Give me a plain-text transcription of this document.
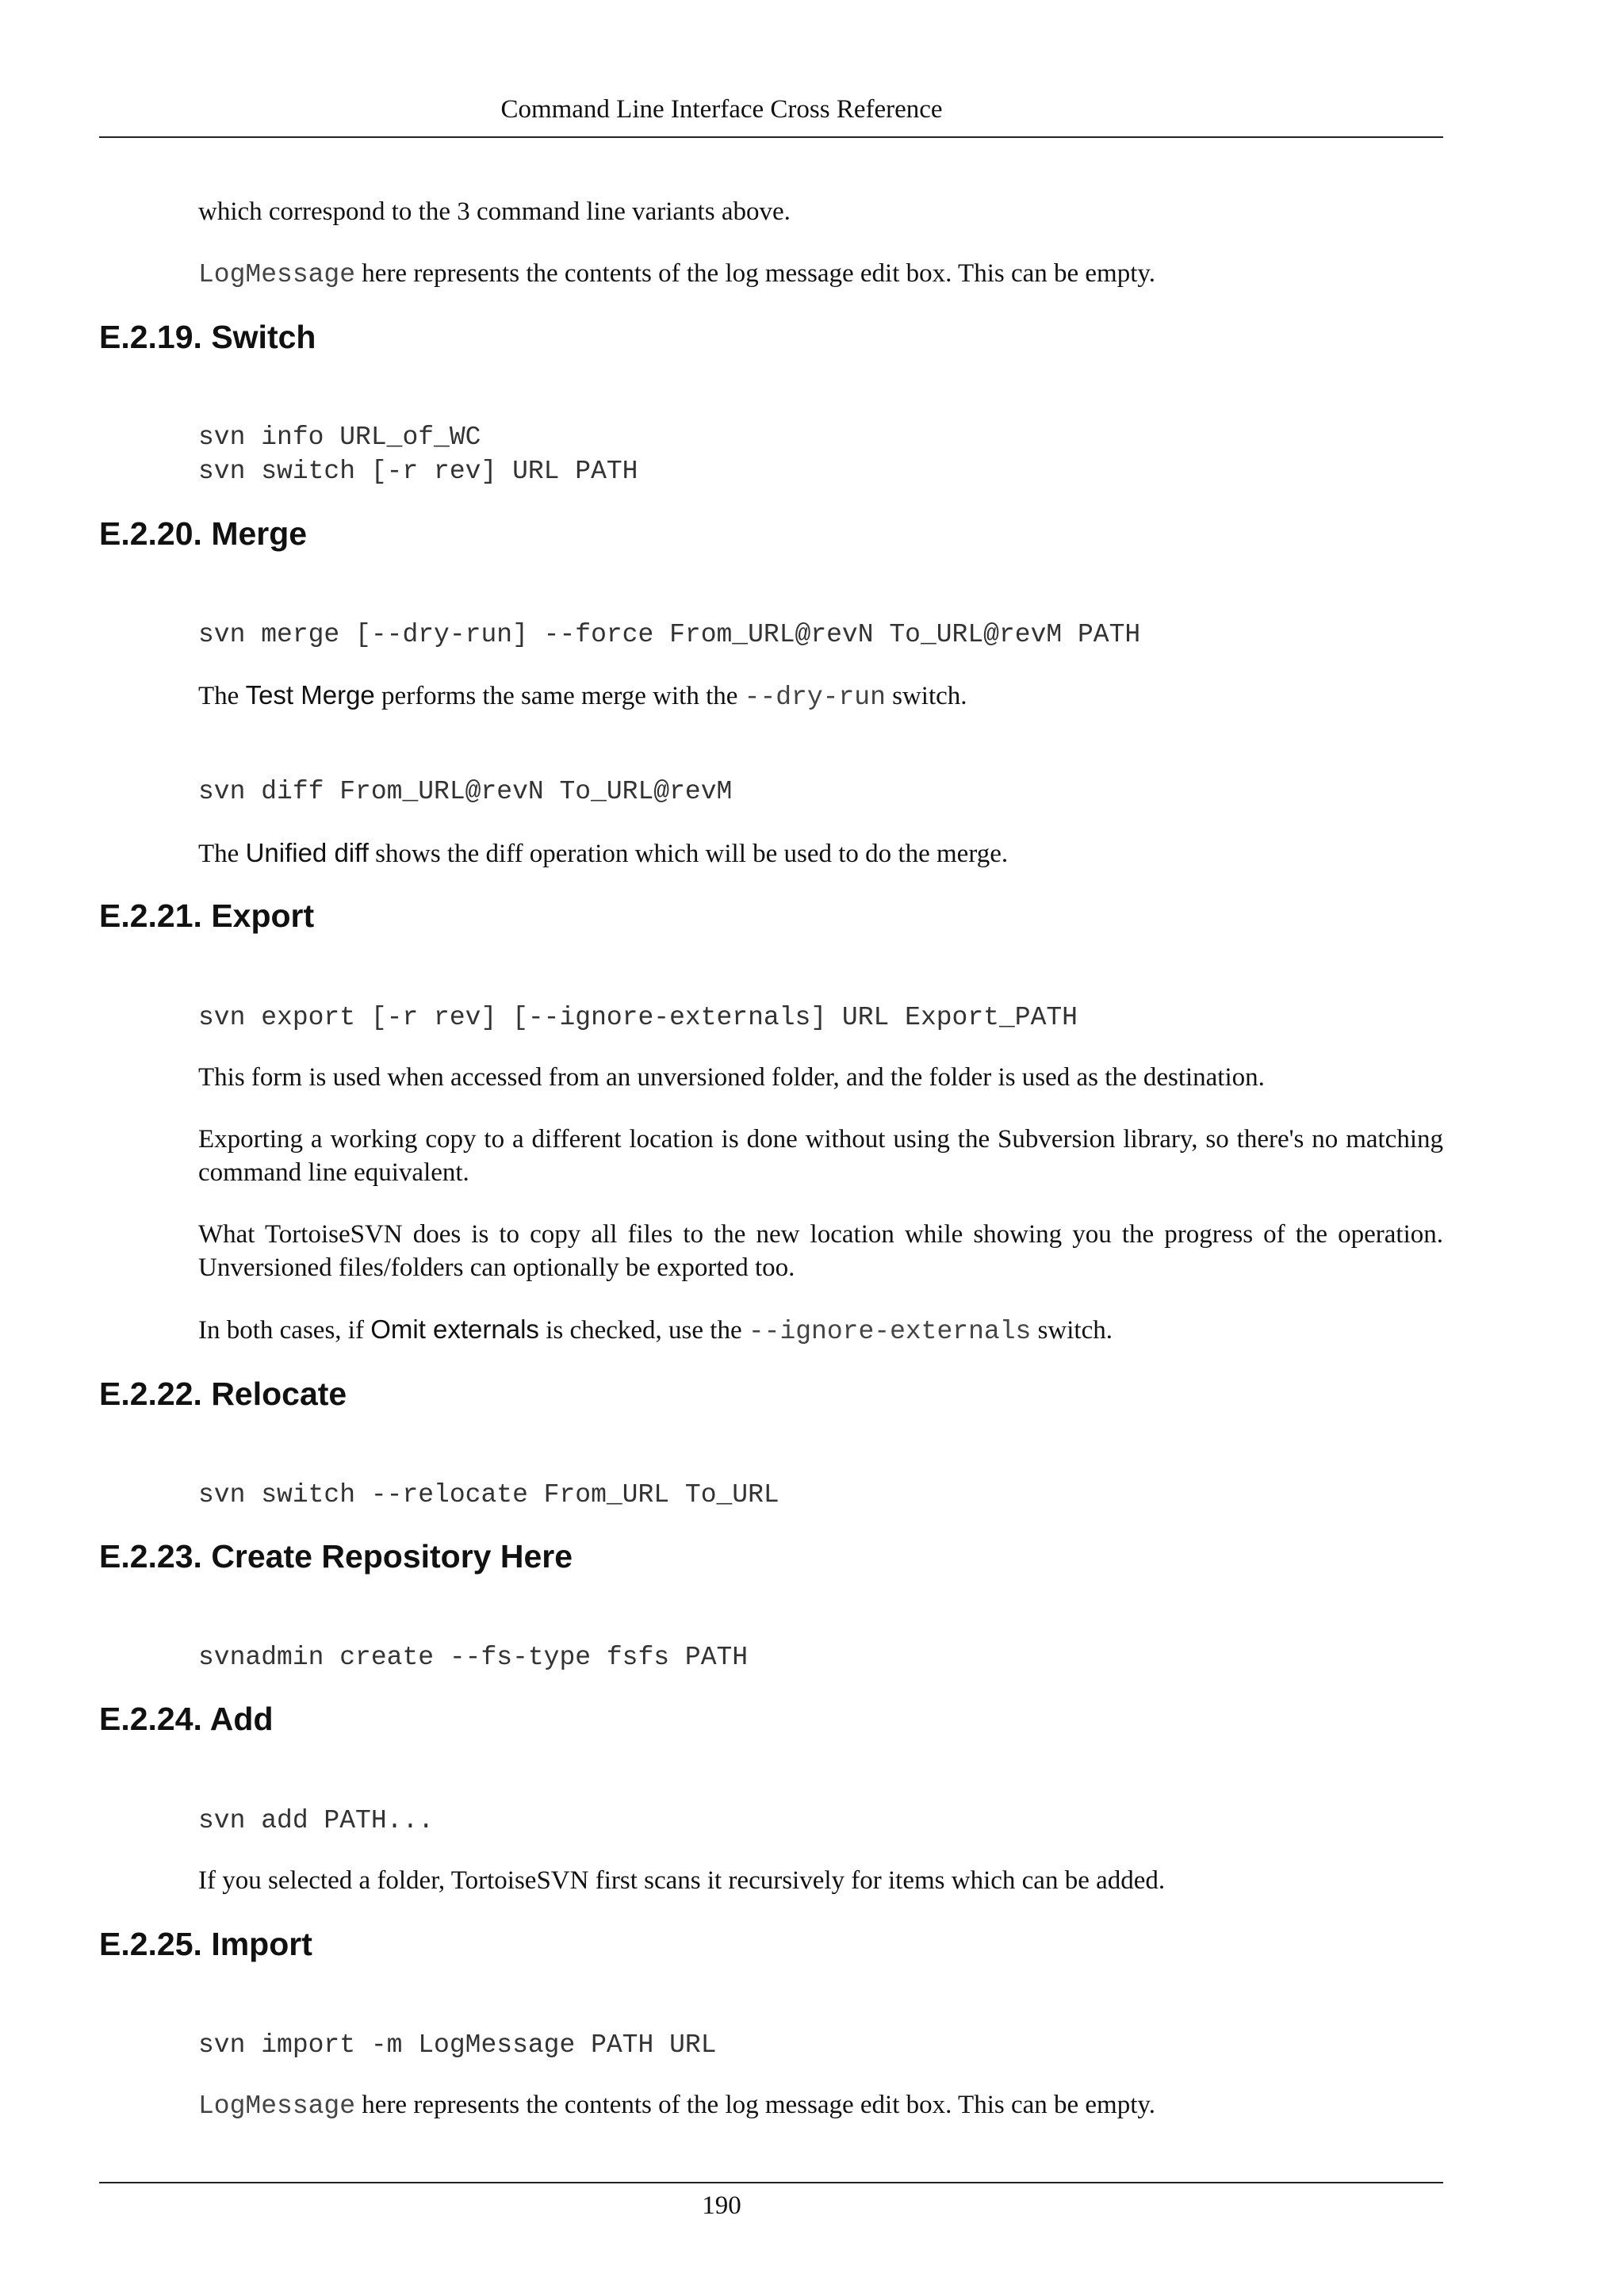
Command Line Interface Cross Reference
which correspond to the 3 command line variants above.
LogMessage here represents the contents of the log message edit box. This can be empty.
E.2.19. Switch
svn info URL_of_WC
svn switch [-r rev] URL PATH
E.2.20. Merge
svn merge [--dry-run] --force From_URL@revN To_URL@revM PATH
The Test Merge performs the same merge with the --dry-run switch.
svn diff From_URL@revN To_URL@revM
The Unified diff shows the diff operation which will be used to do the merge.
E.2.21. Export
svn export [-r rev] [--ignore-externals] URL Export_PATH
This form is used when accessed from an unversioned folder, and the folder is used as the destination.
Exporting a working copy to a different location is done without using the Subversion library, so there's no matching command line equivalent.
What TortoiseSVN does is to copy all files to the new location while showing you the progress of the operation. Unversioned files/folders can optionally be exported too.
In both cases, if Omit externals is checked, use the --ignore-externals switch.
E.2.22. Relocate
svn switch --relocate From_URL To_URL
E.2.23. Create Repository Here
svnadmin create --fs-type fsfs PATH
E.2.24. Add
svn add PATH...
If you selected a folder, TortoiseSVN first scans it recursively for items which can be added.
E.2.25. Import
svn import -m LogMessage PATH URL
LogMessage here represents the contents of the log message edit box. This can be empty.
190
